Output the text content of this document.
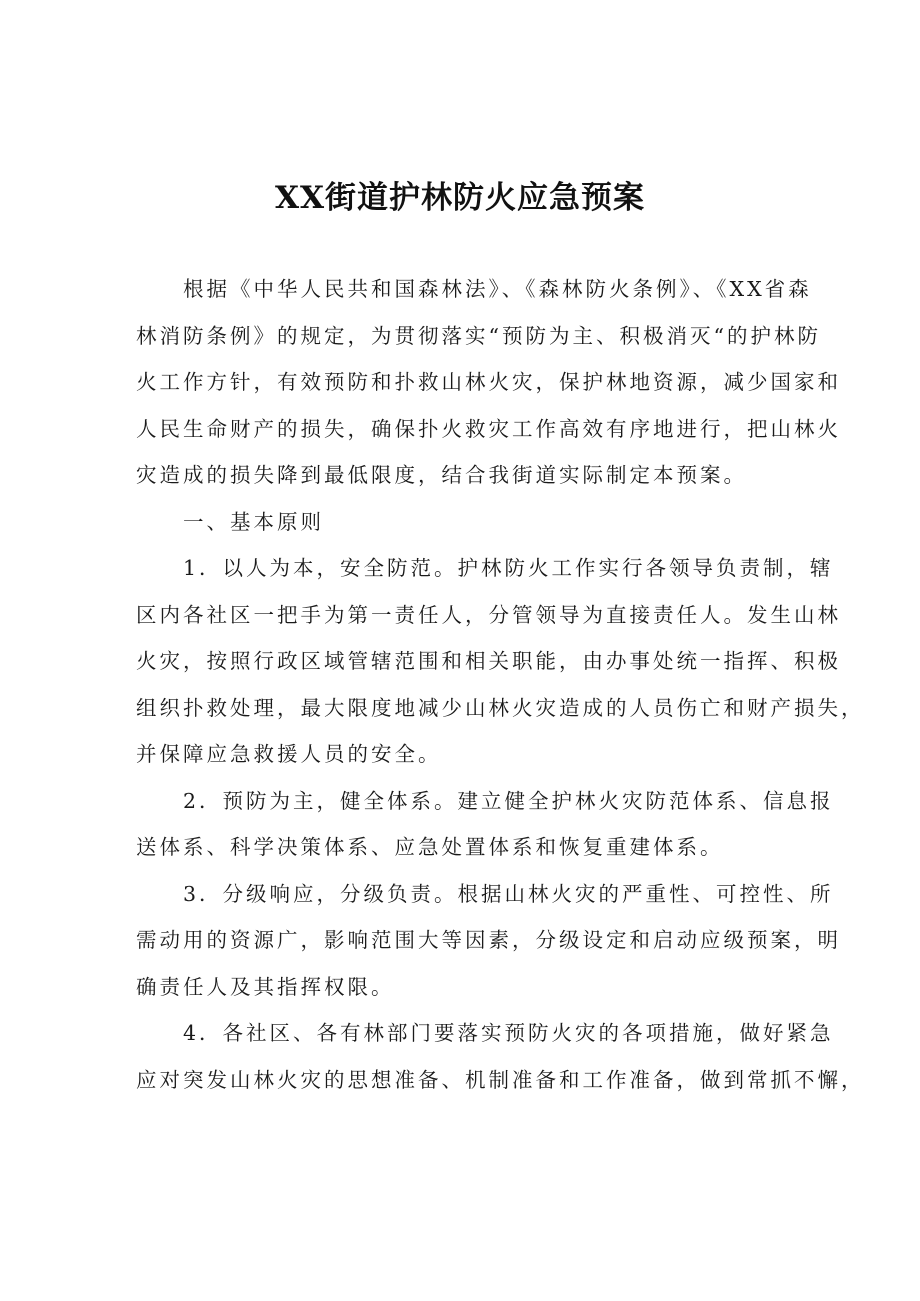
XX街道护林防火应急预案
根据《中华人民共和国森林法》、《森林防火条例》、《XX省森
林消防条例》的规定，为贯彻落实“预防为主、积极消灭“的护林防
火工作方针，有效预防和扑救山林火灾，保护林地资源，减少国家和
人民生命财产的损失，确保扑火救灾工作高效有序地进行，把山林火
灾造成的损失降到最低限度，结合我街道实际制定本预案。
一、基本原则
1．以人为本，安全防范。护林防火工作实行各领导负责制，辖
区内各社区一把手为第一责任人，分管领导为直接责任人。发生山林
火灾，按照行政区域管辖范围和相关职能，由办事处统一指挥、积极
组织扑救处理，最大限度地减少山林火灾造成的人员伤亡和财产损失，
并保障应急救援人员的安全。
2．预防为主，健全体系。建立健全护林火灾防范体系、信息报
送体系、科学决策体系、应急处置体系和恢复重建体系。
3．分级响应，分级负责。根据山林火灾的严重性、可控性、所
需动用的资源广，影响范围大等因素，分级设定和启动应级预案，明
确责任人及其指挥权限。
4．各社区、各有林部门要落实预防火灾的各项措施，做好紧急
应对突发山林火灾的思想准备、机制准备和工作准备，做到常抓不懈，
